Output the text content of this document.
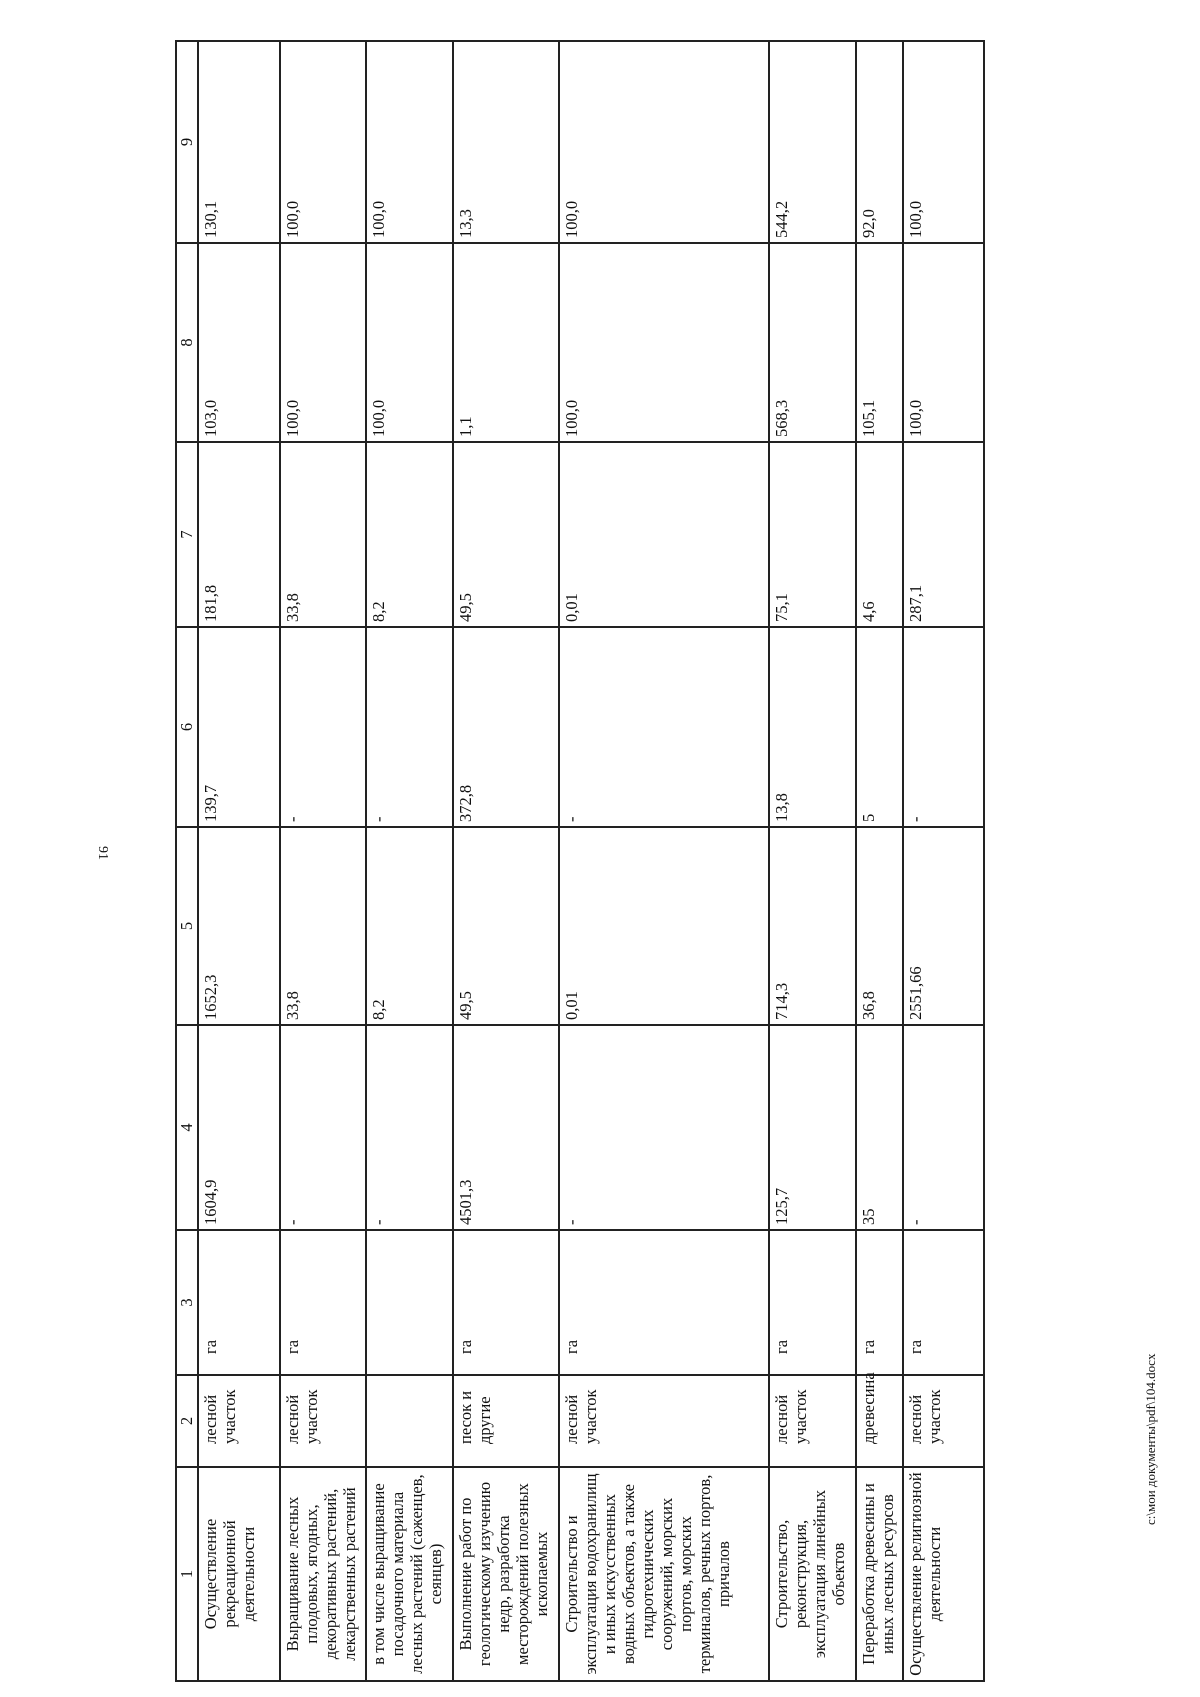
91
1	2	3	4	5	6	7	8	9
Осуществление рекреационной деятельности	лесной участок	га	1604,9	1652,3	139,7	181,8	103,0	130,1
Выращивание лесных плодовых, ягодных, декоративных растений, лекарственных растений	лесной участок	га	-	33,8	-	33,8	100,0	100,0
в том числе выращивание посадочного материала лесных растений (саженцев, сеянцев)			-	8,2	-	8,2	100,0	100,0
Выполнение работ по геологическому изучению недр, разработка месторождений полезных ископаемых	песок и другие	га	4501,3	49,5	372,8	49,5	1,1	13,3
Строительство и эксплуатация водохранилищ и иных искусственных водных объектов, а также гидротехнических сооружений, морских портов, морских терминалов, речных портов, причалов	лесной участок	га	-	0,01	-	0,01	100,0	100,0
Строительство, реконструкция, эксплуатация линейных объектов	лесной участок	га	125,7	714,3	13,8	75,1	568,3	544,2
Переработка древесины и иных лесных ресурсов	древесина	га	35	36,8	5	4,6	105,1	92,0
Осуществление религиозной деятельности	лесной участок	га	-	2551,66	-	287,1	100,0	100,0
c:\мои документы\pdf\104.docx
